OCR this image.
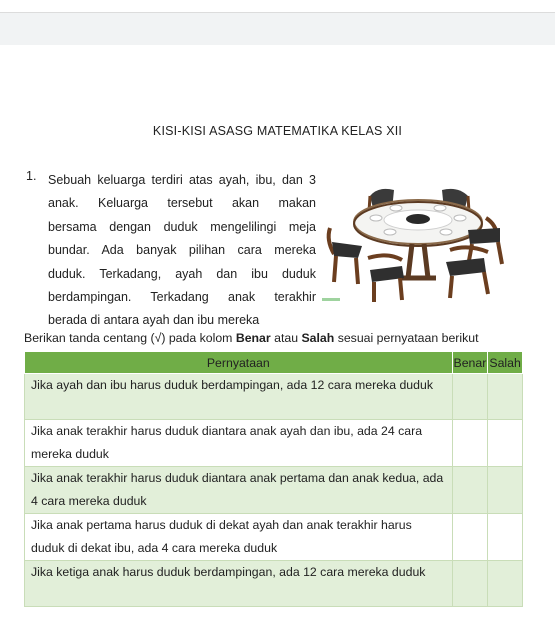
KISI-KISI ASASG MATEMATIKA KELAS XII
1. Sebuah keluarga terdiri atas ayah, ibu, dan 3
anak. Keluarga tersebut akan makan
bersama dengan duduk mengelilingi meja
bundar. Ada banyak pilihan cara mereka
duduk. Terkadang, ayah dan ibu duduk
berdampingan. Terkadang anak terakhir
berada di antara ayah dan ibu mereka
Berikan tanda centang (√) pada kolom Benar atau Salah sesuai pernyataan berikut
Pernyataan	Benar	Salah
Jika ayah dan ibu harus duduk berdampingan, ada 12 cara mereka duduk		
Jika anak terakhir harus duduk diantara anak ayah dan ibu, ada 24 cara mereka duduk		
Jika anak terakhir harus duduk diantara anak pertama dan anak kedua, ada 4 cara mereka duduk		
Jika anak pertama harus duduk di dekat ayah dan anak terakhir harus duduk di dekat ibu, ada 4 cara mereka duduk		
Jika ketiga anak harus duduk berdampingan, ada 12 cara mereka duduk		
